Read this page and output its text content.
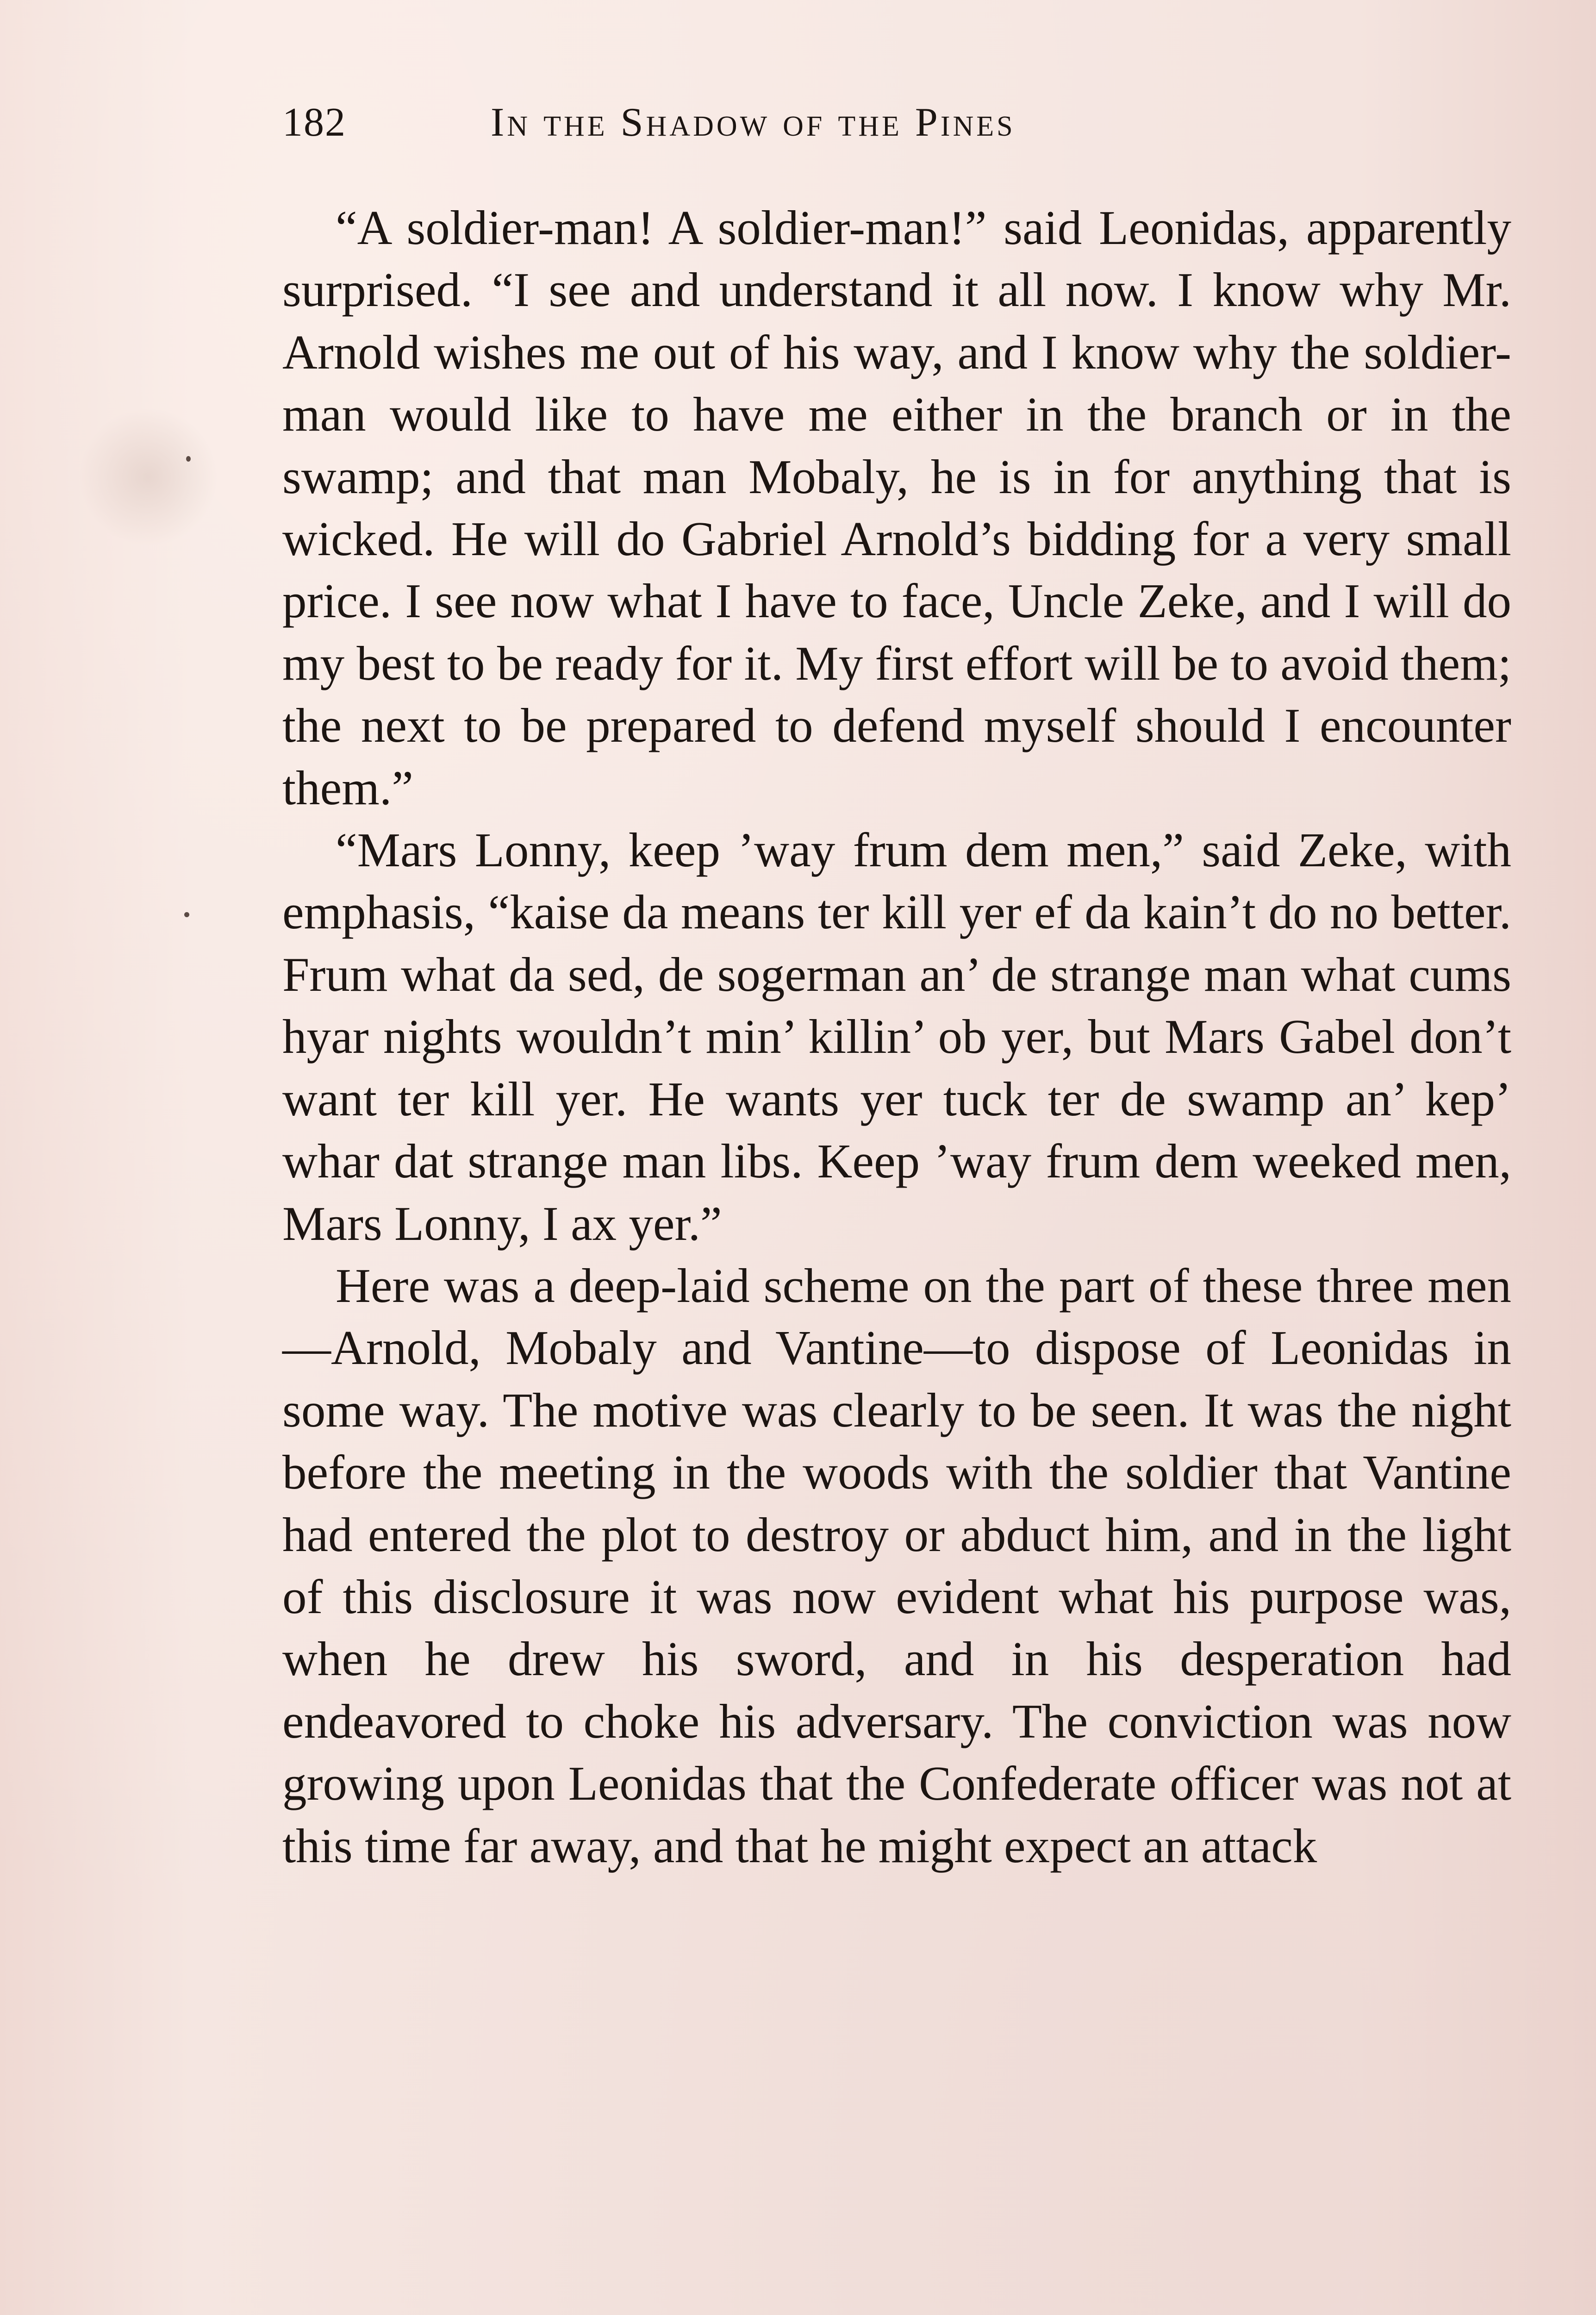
182	In the Shadow of the Pines

“A soldier-man! A soldier-man!” said Leonidas, apparently surprised. “I see and understand it all now. I know why Mr. Arnold wishes me out of his way, and I know why the soldier-man would like to have me either in the branch or in the swamp; and that man Mobaly, he is in for anything that is wicked. He will do Gabriel Arnold’s bidding for a very small price. I see now what I have to face, Uncle Zeke, and I will do my best to be ready for it. My first effort will be to avoid them; the next to be prepared to defend myself should I encounter them.”

“Mars Lonny, keep ’way frum dem men,” said Zeke, with emphasis, “kaise da means ter kill yer ef da kain’t do no better. Frum what da sed, de sogerman an’ de strange man what cums hyar nights wouldn’t min’ killin’ ob yer, but Mars Gabel don’t want ter kill yer. He wants yer tuck ter de swamp an’ kep’ whar dat strange man libs. Keep ’way frum dem weeked men, Mars Lonny, I ax yer.”

Here was a deep-laid scheme on the part of these three men—Arnold, Mobaly and Vantine—to dispose of Leonidas in some way. The motive was clearly to be seen. It was the night before the meeting in the woods with the soldier that Vantine had entered the plot to destroy or abduct him, and in the light of this disclosure it was now evident what his purpose was, when he drew his sword, and in his desperation had endeavored to choke his adversary. The conviction was now growing upon Leonidas that the Confederate officer was not at this time far away, and that he might expect an attack
